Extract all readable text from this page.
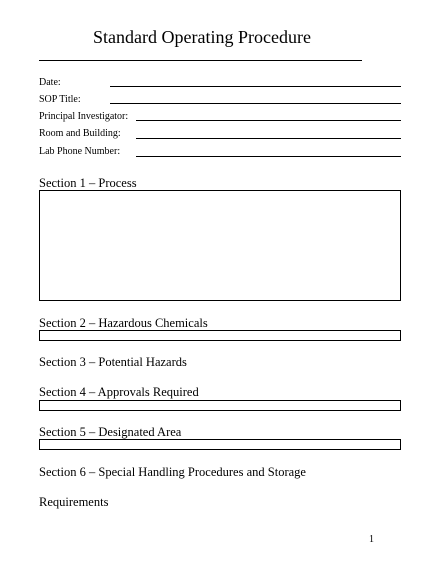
Standard Operating Procedure
Date:
SOP Title:
Principal Investigator:
Room and Building:
Lab Phone Number:
Section 1 – Process
Section 2 – Hazardous Chemicals
Section 3 – Potential Hazards
Section 4 – Approvals Required
Section 5 – Designated Area
Section 6 – Special Handling Procedures and Storage
Requirements
1
